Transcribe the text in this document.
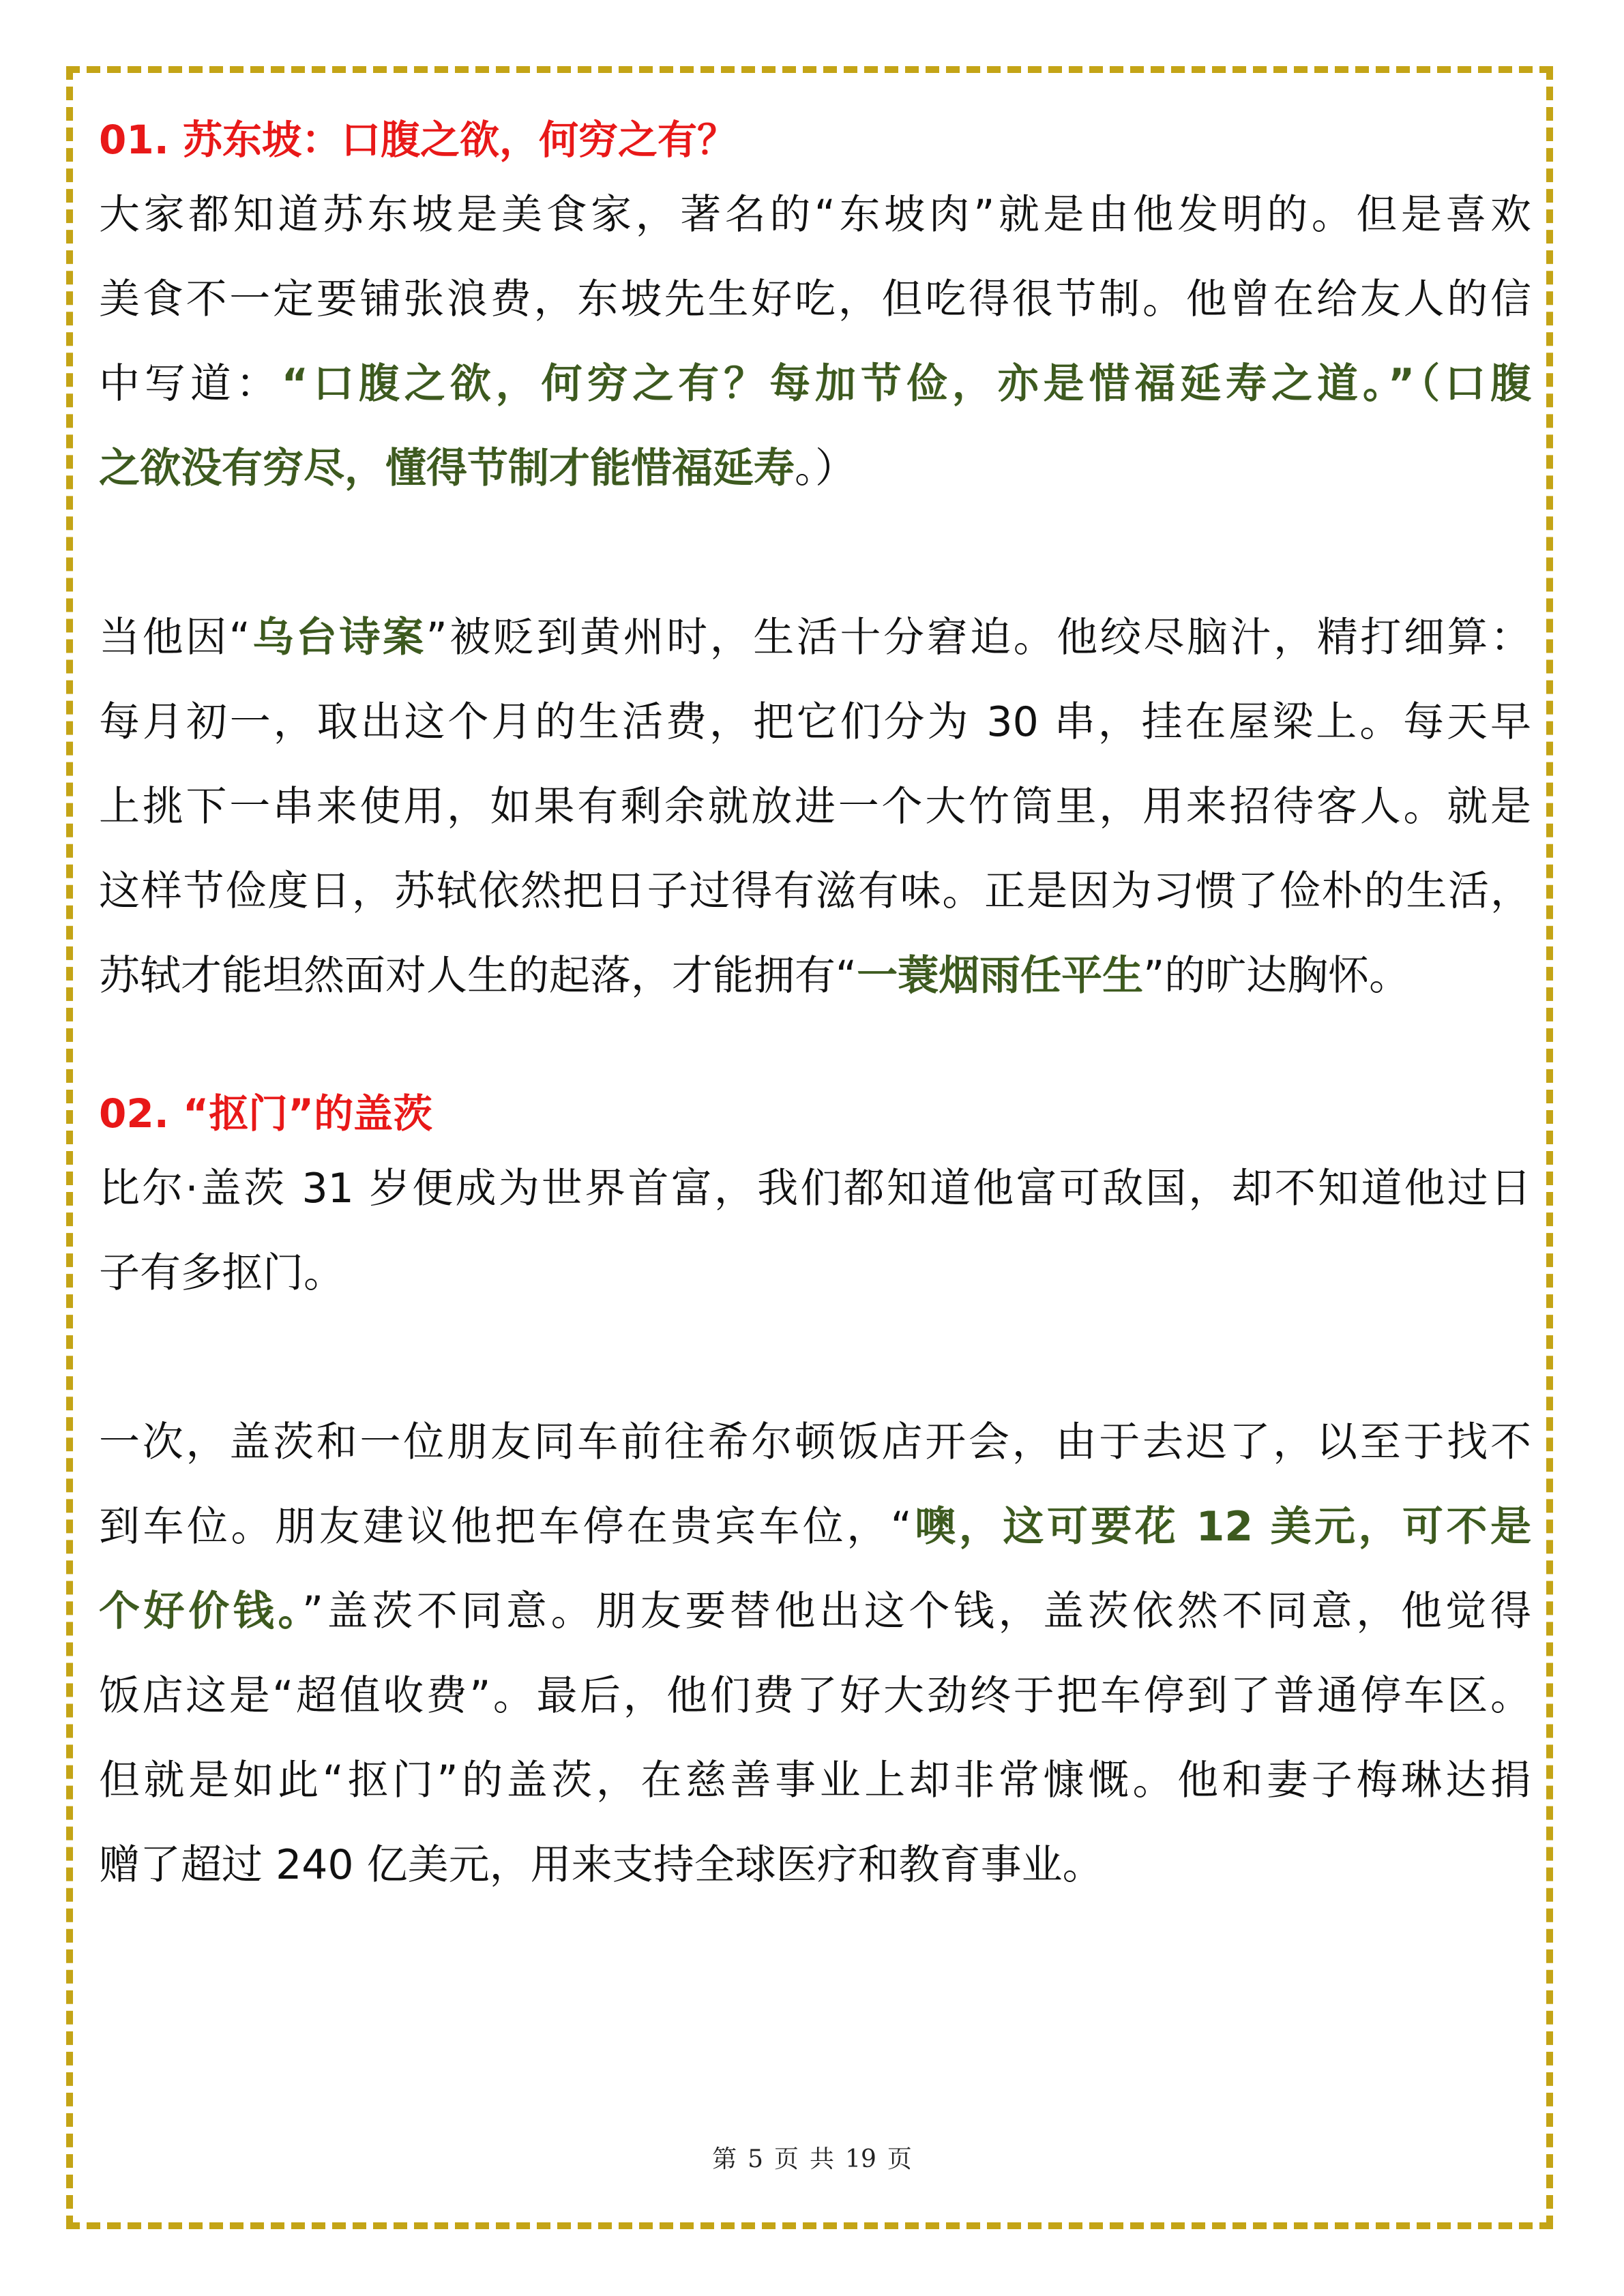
01. 苏东坡：口腹之欲，何穷之有？

大家都知道苏东坡是美食家，著名的“东坡肉”就是由他发明的。但是喜欢
美食不一定要铺张浪费，东坡先生好吃，但吃得很节制。他曾在给友人的信
中写道：“口腹之欲，何穷之有？每加节俭，亦是惜福延寿之道。”（口腹
之欲没有穷尽，懂得节制才能惜福延寿。）

当他因“乌台诗案”被贬到黄州时，生活十分窘迫。他绞尽脑汁，精打细算：
每月初一，取出这个月的生活费，把它们分为 30 串，挂在屋梁上。每天早
上挑下一串来使用，如果有剩余就放进一个大竹筒里，用来招待客人。就是
这样节俭度日，苏轼依然把日子过得有滋有味。正是因为习惯了俭朴的生活，
苏轼才能坦然面对人生的起落，才能拥有“一蓑烟雨任平生”的旷达胸怀。

02. “抠门”的盖茨

比尔·盖茨 31 岁便成为世界首富，我们都知道他富可敌国，却不知道他过日
子有多抠门。

一次，盖茨和一位朋友同车前往希尔顿饭店开会，由于去迟了，以至于找不
到车位。朋友建议他把车停在贵宾车位，“噢，这可要花 12 美元，可不是
个好价钱。”盖茨不同意。朋友要替他出这个钱，盖茨依然不同意，他觉得
饭店这是“超值收费”。最后，他们费了好大劲终于把车停到了普通停车区。
但就是如此“抠门”的盖茨，在慈善事业上却非常慷慨。他和妻子梅琳达捐
赠了超过 240 亿美元，用来支持全球医疗和教育事业。

第 5 页 共 19 页
